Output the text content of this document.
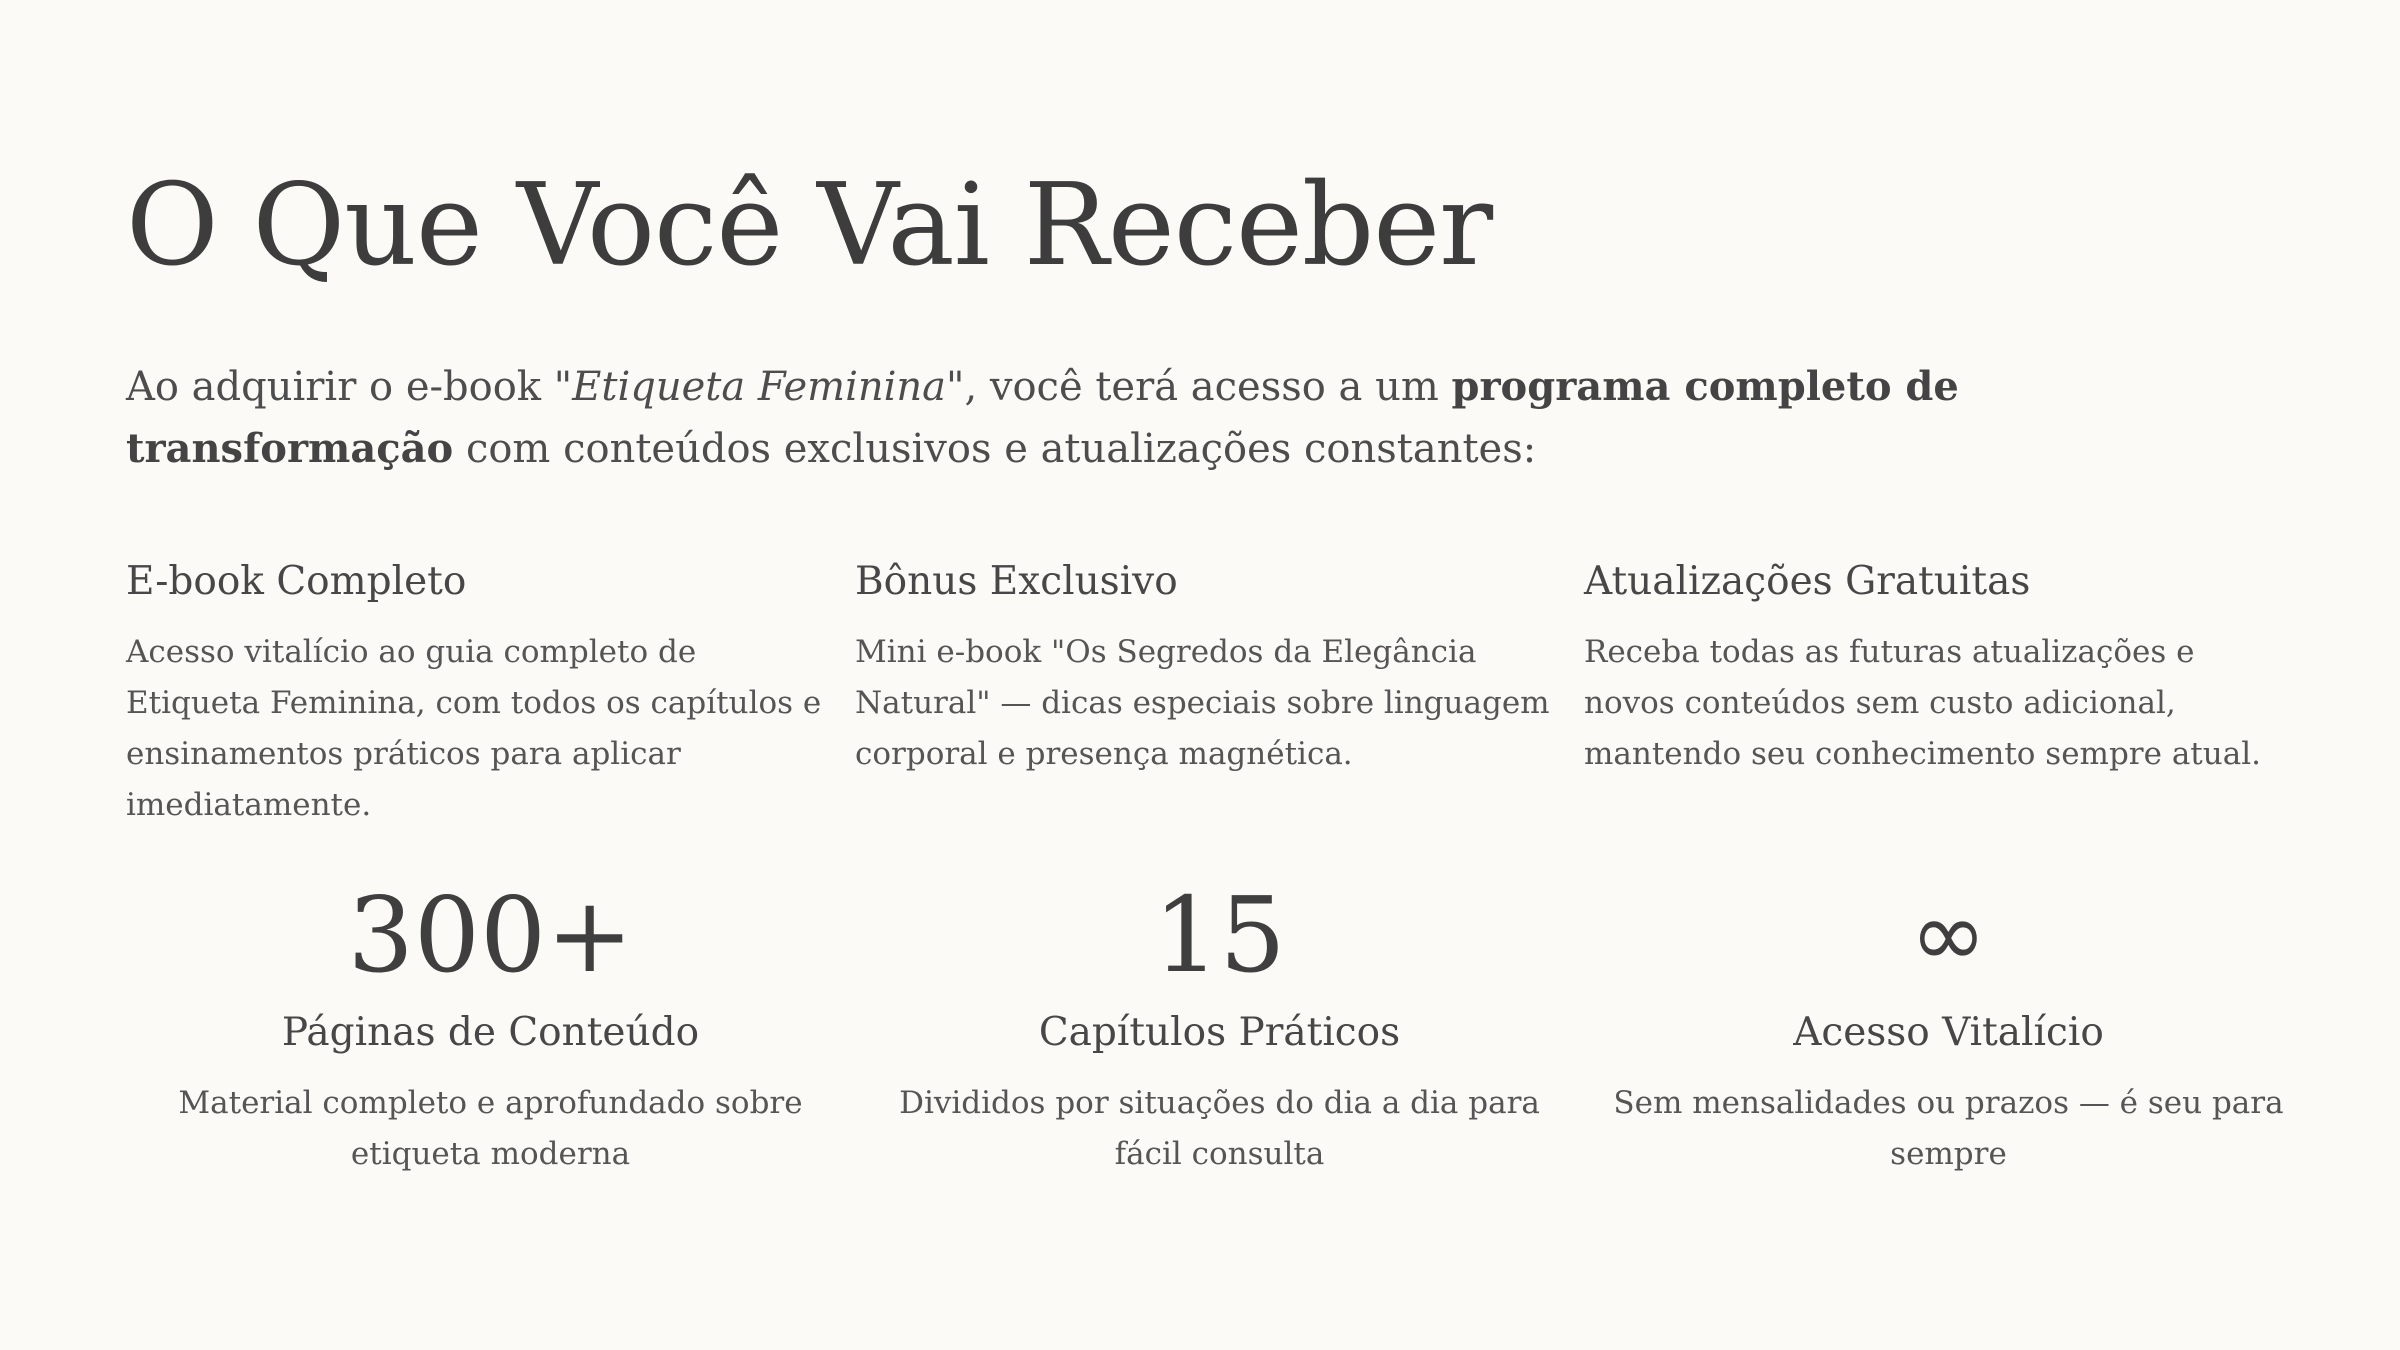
O Que Você Vai Receber

Ao adquirir o e-book "Etiqueta Feminina", você terá acesso a um programa completo de transformação com conteúdos exclusivos e atualizações constantes:

E-book Completo

Acesso vitalício ao guia completo de Etiqueta Feminina, com todos os capítulos e ensinamentos práticos para aplicar imediatamente.

Bônus Exclusivo

Mini e-book "Os Segredos da Elegância Natural" — dicas especiais sobre linguagem corporal e presença magnética.

Atualizações Gratuitas

Receba todas as futuras atualizações e novos conteúdos sem custo adicional, mantendo seu conhecimento sempre atual.

300+
Páginas de Conteúdo

Material completo e aprofundado sobre etiqueta moderna

15
Capítulos Práticos

Divididos por situações do dia a dia para fácil consulta

∞
Acesso Vitalício

Sem mensalidades ou prazos — é seu para sempre
